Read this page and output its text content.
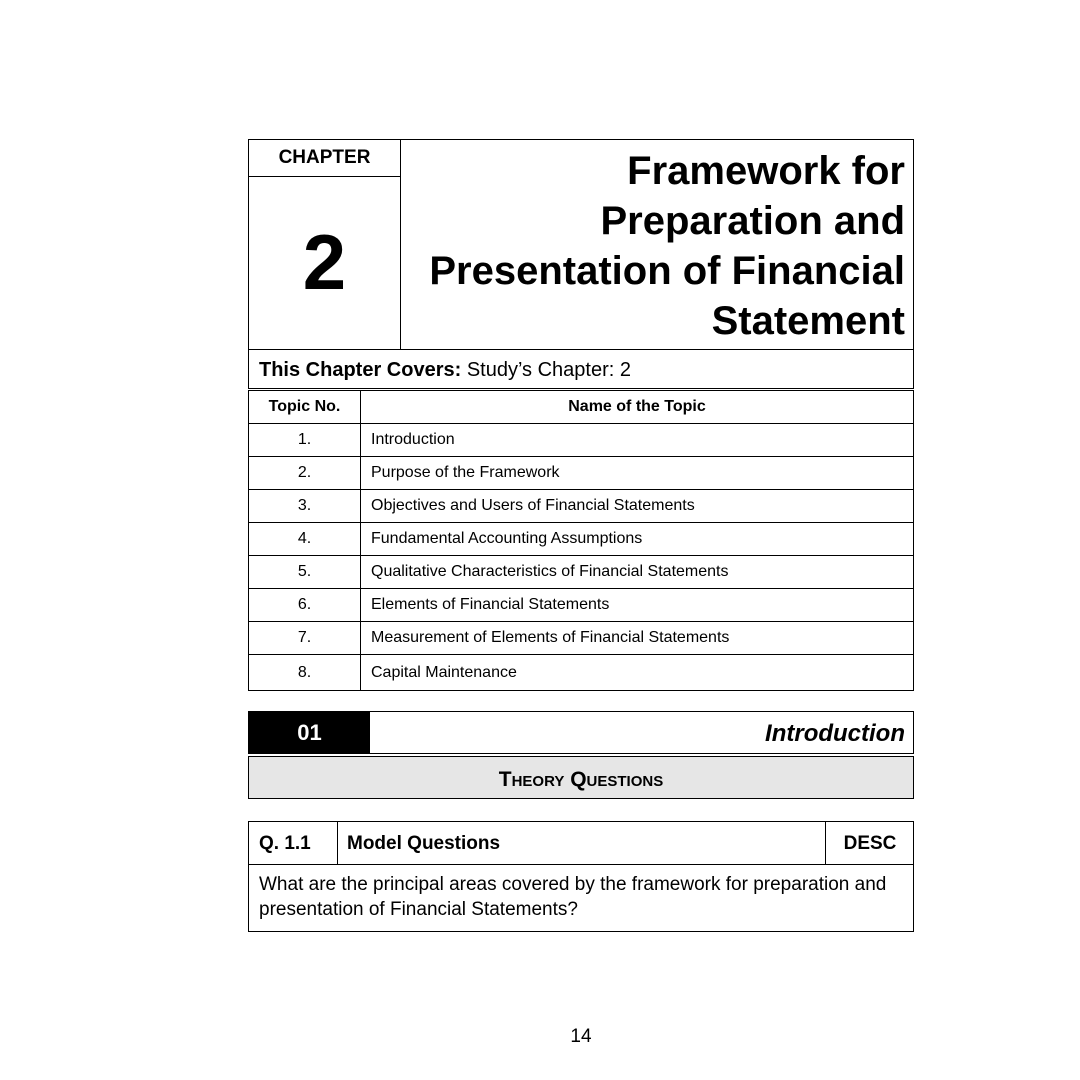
CHAPTER
2
Framework for
Preparation and
Presentation of Financial
Statement
This Chapter Covers: Study’s Chapter: 2
Topic No.	Name of the Topic
1.	Introduction
2.	Purpose of the Framework
3.	Objectives and Users of Financial Statements
4.	Fundamental Accounting Assumptions
5.	Qualitative Characteristics of Financial Statements
6.	Elements of Financial Statements
7.	Measurement of Elements of Financial Statements
8.	Capital Maintenance
01	Introduction
Theory Questions
Q. 1.1 Model Questions	DESC
What are the principal areas covered by the framework for preparation and presentation of Financial Statements?
14
